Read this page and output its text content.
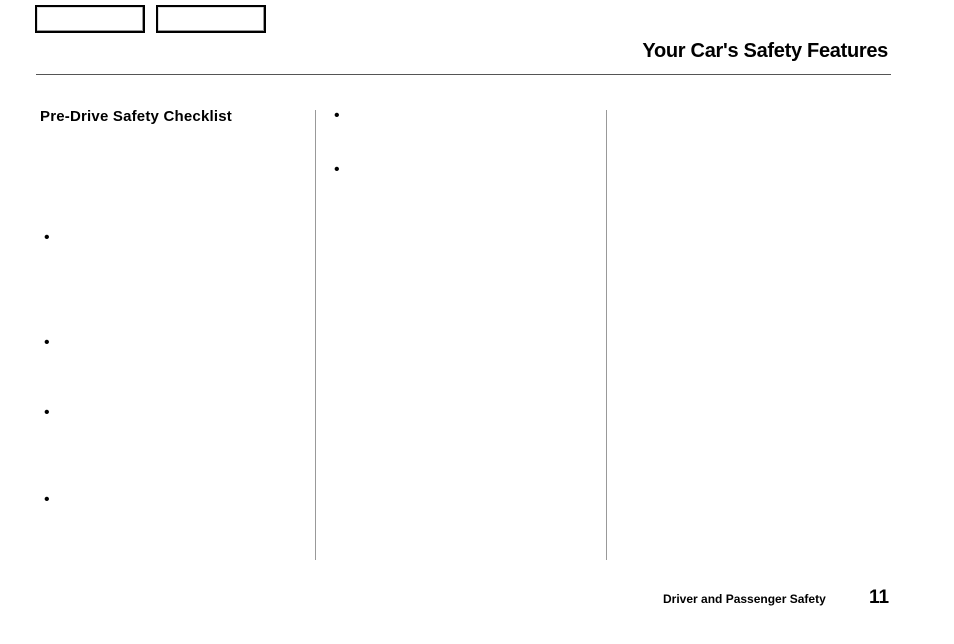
Your Car's Safety Features
Pre-Drive Safety Checklist
•
•
•
•
•
•
Driver and Passenger Safety 11
